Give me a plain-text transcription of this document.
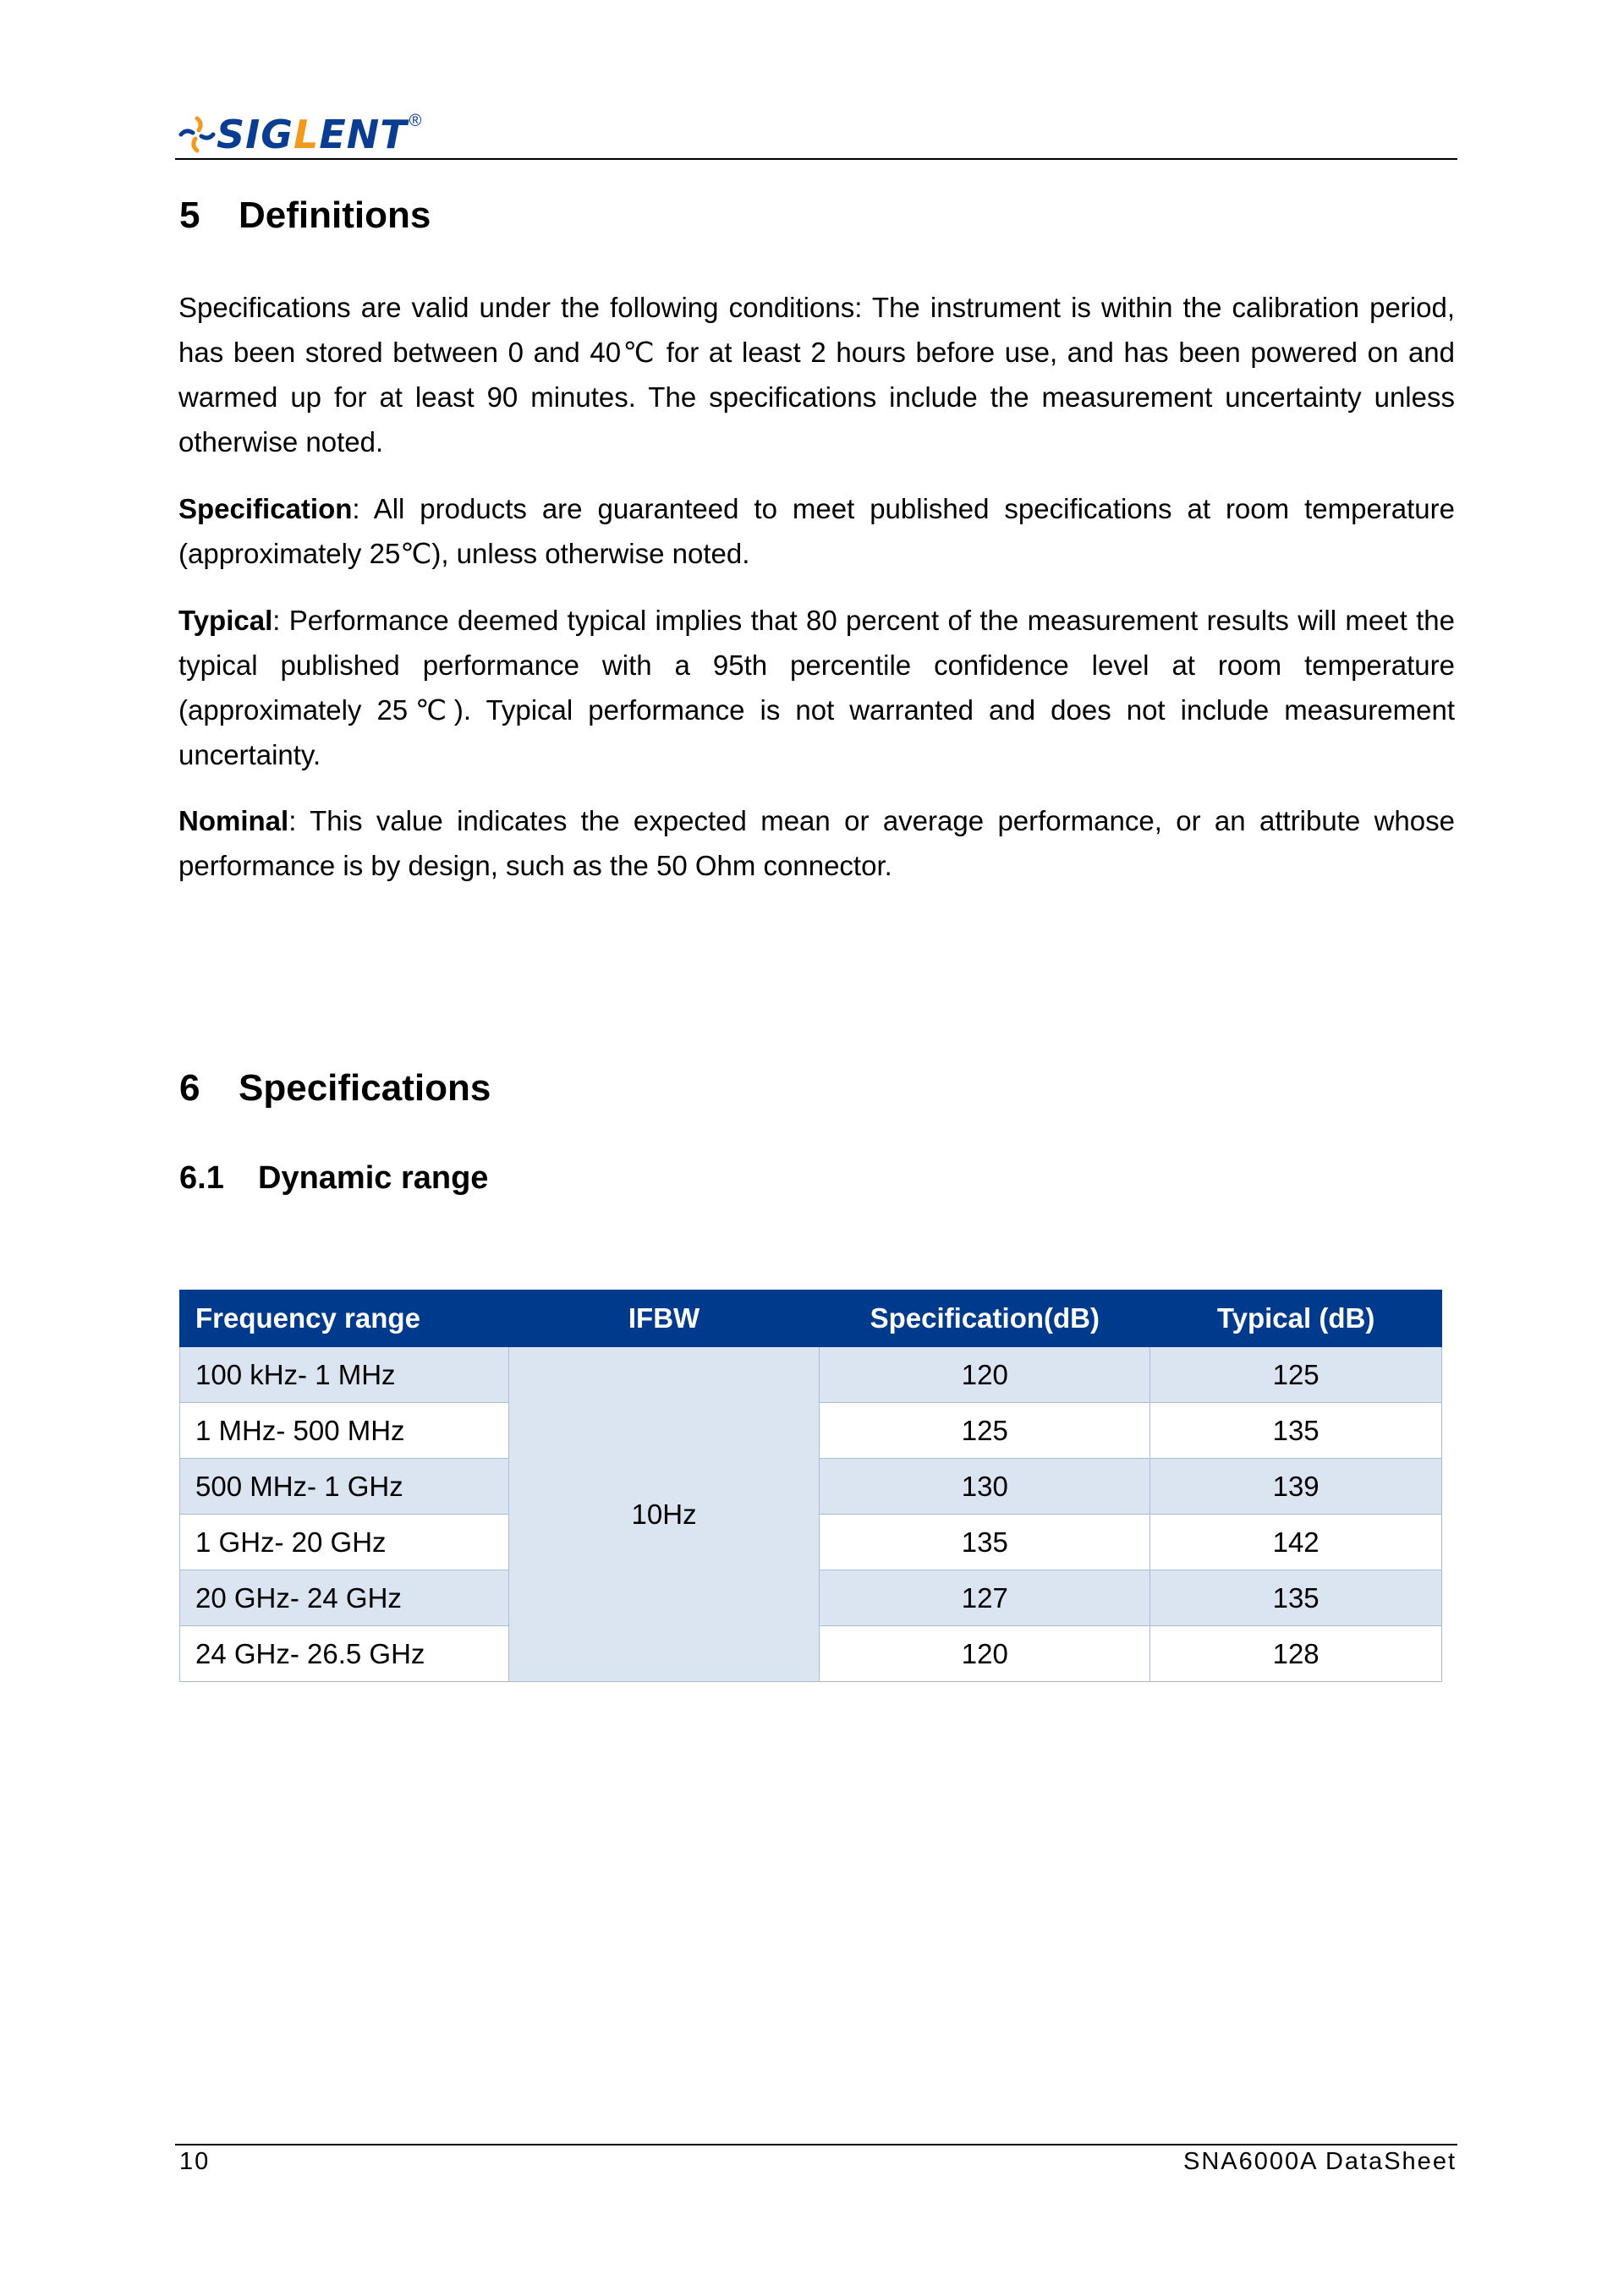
SIGLENT ®
5 Definitions

Specifications are valid under the following conditions: The instrument is within the calibration period, has been stored between 0 and 40℃ for at least 2 hours before use, and has been powered on and warmed up for at least 90 minutes. The specifications include the measurement uncertainty unless otherwise noted.

Specification: All products are guaranteed to meet published specifications at room temperature (approximately 25℃), unless otherwise noted.

Typical: Performance deemed typical implies that 80 percent of the measurement results will meet the typical published performance with a 95th percentile confidence level at room temperature (approximately 25℃). Typical performance is not warranted and does not include measurement uncertainty.

Nominal: This value indicates the expected mean or average performance, or an attribute whose performance is by design, such as the 50 Ohm connector.

6 Specifications
6.1 Dynamic range
Frequency range	IFBW	Specification(dB)	Typical (dB)
100 kHz- 1 MHz	10Hz	120	125
1 MHz- 500 MHz		125	135
500 MHz- 1 GHz		130	139
1 GHz- 20 GHz		135	142
20 GHz- 24 GHz		127	135
24 GHz- 26.5 GHz		120	128
10	SNA6000A DataSheet
